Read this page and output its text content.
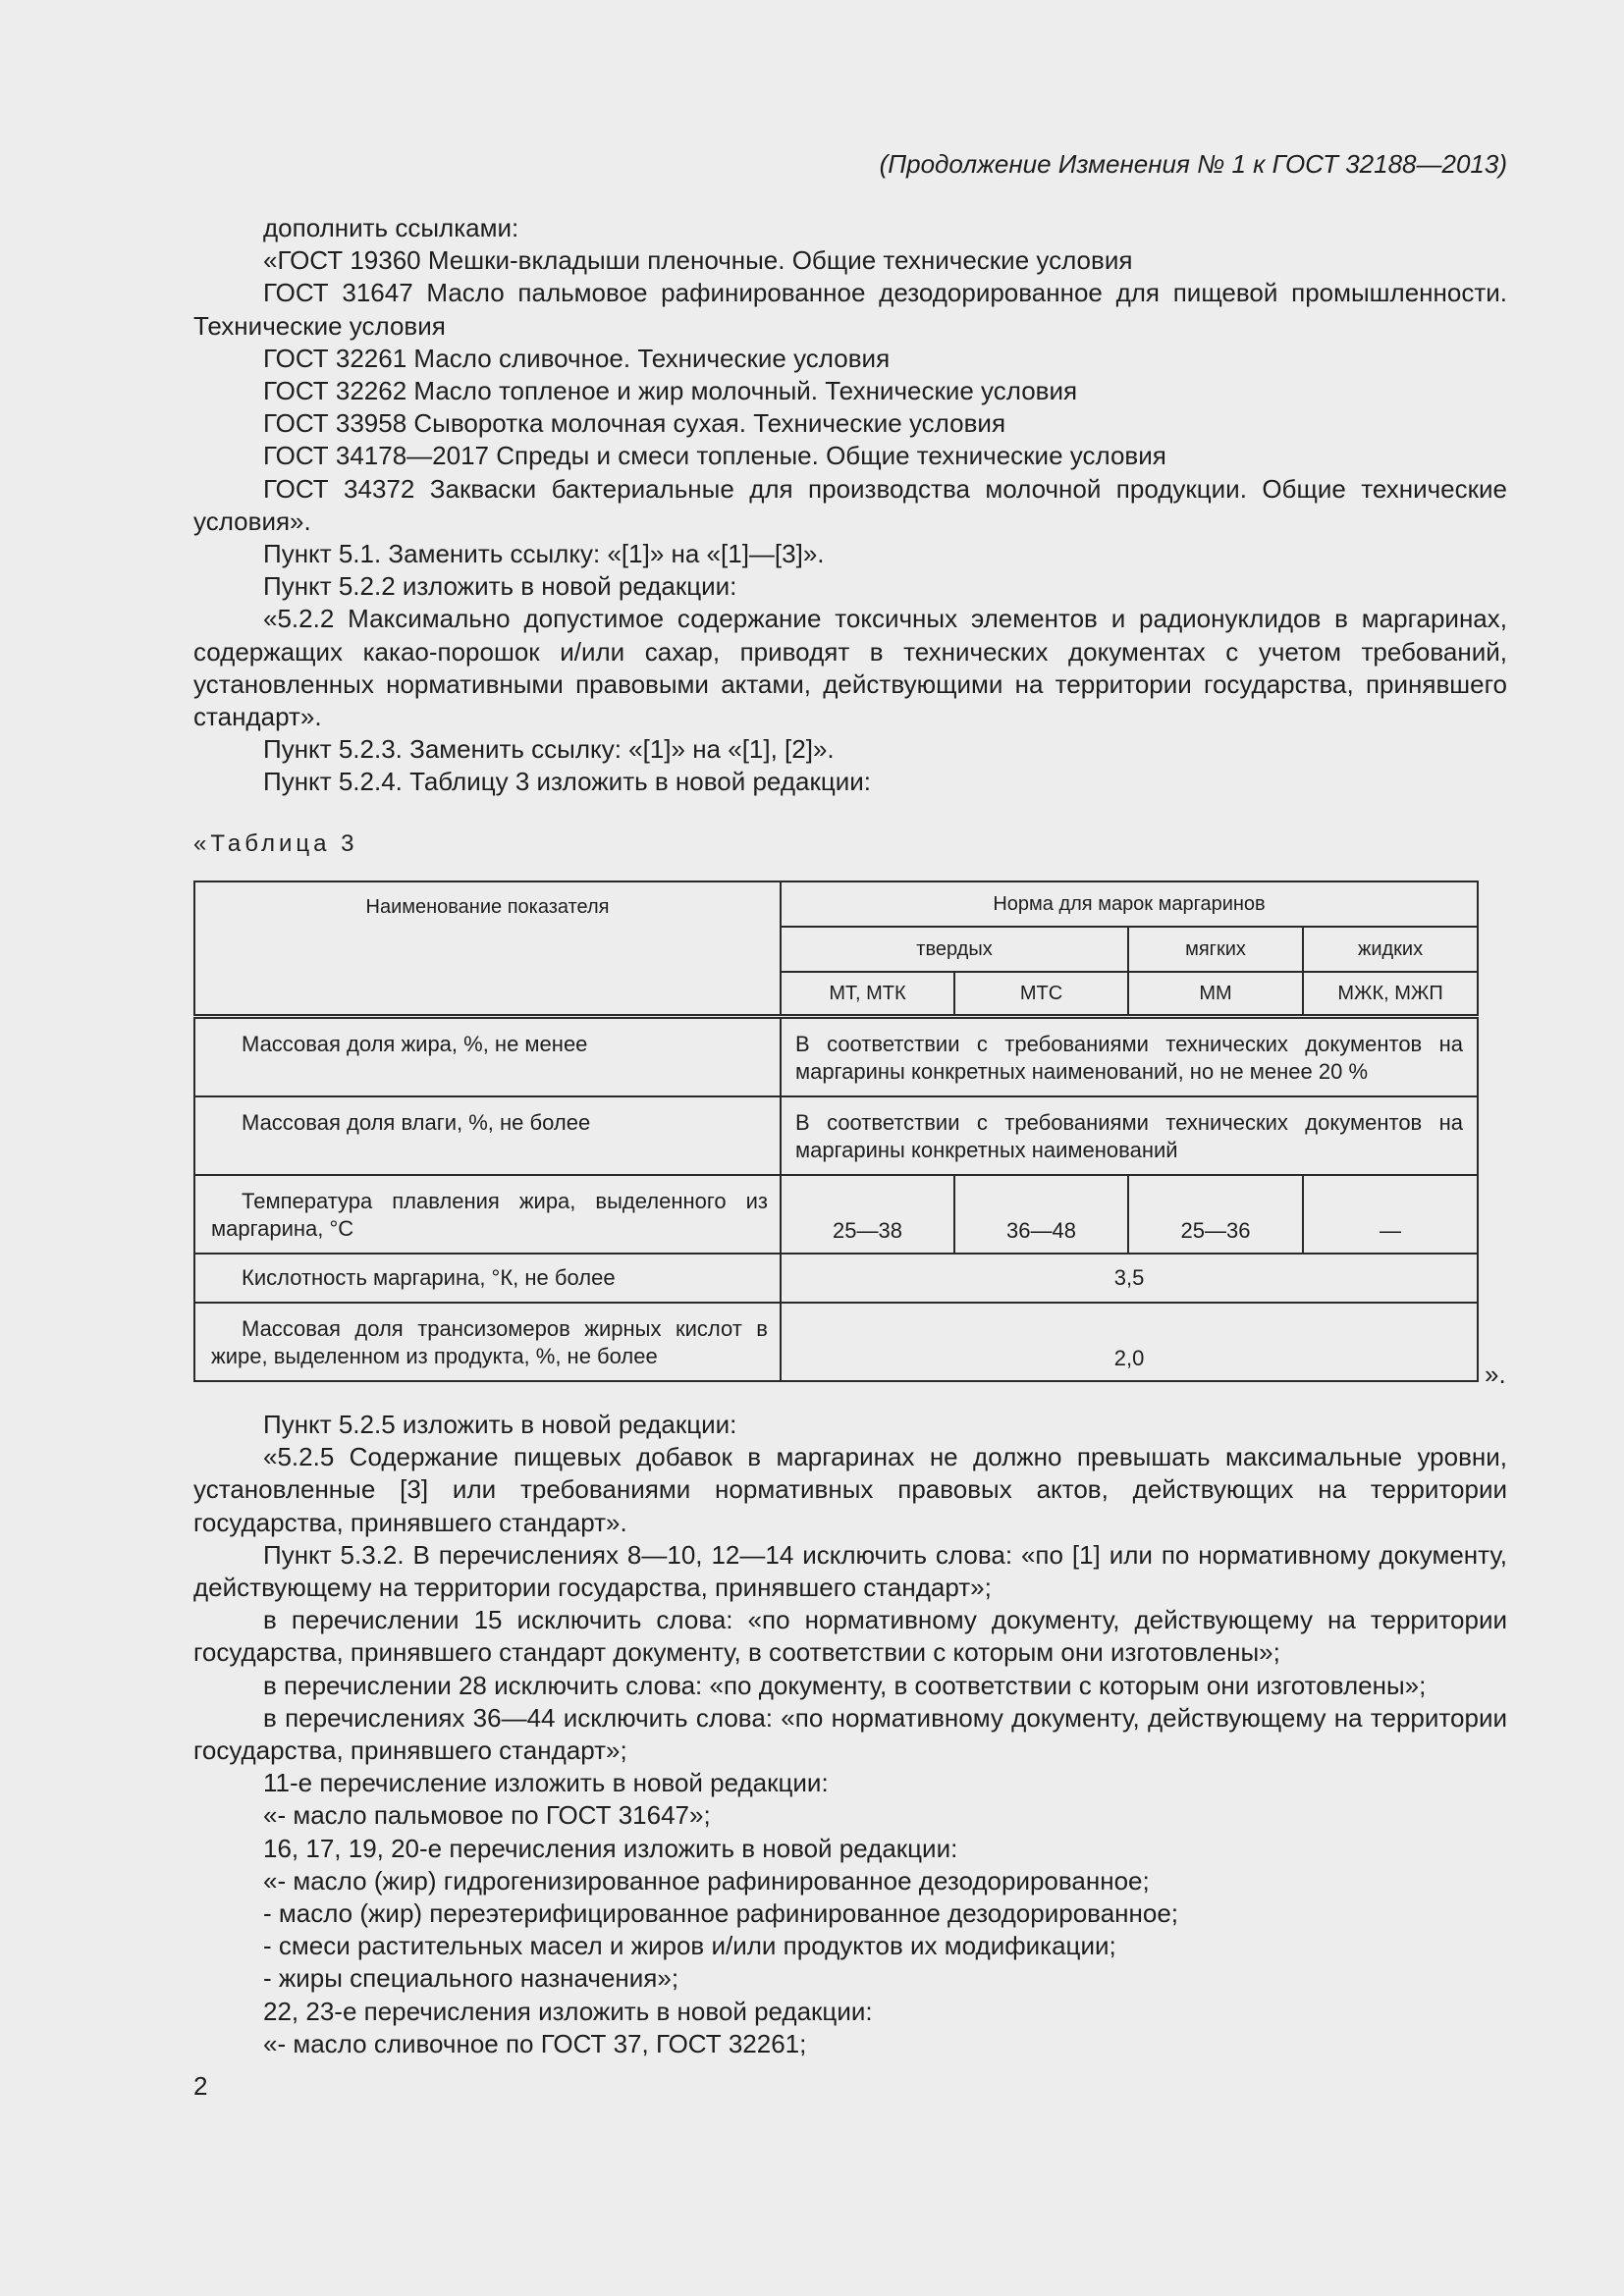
(Продолжение Изменения № 1 к ГОСТ 32188—2013)

дополнить ссылками:

«ГОСТ 19360 Мешки-вкладыши пленочные. Общие технические условия

ГОСТ 31647 Масло пальмовое рафинированное дезодорированное для пищевой промышленности. Технические условия

ГОСТ 32261 Масло сливочное. Технические условия

ГОСТ 32262 Масло топленое и жир молочный. Технические условия

ГОСТ 33958 Сыворотка молочная сухая. Технические условия

ГОСТ 34178—2017 Спреды и смеси топленые. Общие технические условия

ГОСТ 34372 Закваски бактериальные для производства молочной продукции. Общие технические условия».

Пункт 5.1. Заменить ссылку: «[1]» на «[1]—[3]».

Пункт 5.2.2 изложить в новой редакции:

«5.2.2 Максимально допустимое содержание токсичных элементов и радионуклидов в маргаринах, содержащих какао-порошок и/или сахар, приводят в технических документах с учетом требований, установленных нормативными правовыми актами, действующими на территории государства, принявшего стандарт».

Пункт 5.2.3. Заменить ссылку: «[1]» на «[1], [2]».

Пункт 5.2.4. Таблицу 3 изложить в новой редакции:

«Таблица 3
Наименование показателя	Норма для марок маргаринов			
	твердых		мягких	жидких
	МТ, МТК	МТС	ММ	МЖК, МЖП
Массовая доля жира, %, не менее	В соответствии с требованиями технических документов на маргарины конкретных наименований, но не менее 20 %			
Массовая доля влаги, %, не более	В соответствии с требованиями технических документов на маргарины конкретных наименований			
Температура плавления жира, выделенного из маргарина, °С	25—38	36—48	25—36	—
Кислотность маргарина, °К, не более	3,5			
Массовая доля трансизомеров жирных кислот в жире, выделенном из продукта, %, не более	2,0			
».

Пункт 5.2.5 изложить в новой редакции:

«5.2.5 Содержание пищевых добавок в маргаринах не должно превышать максимальные уровни, установленные [3] или требованиями нормативных правовых актов, действующих на территории государства, принявшего стандарт».

Пункт 5.3.2. В перечислениях 8—10, 12—14 исключить слова: «по [1] или по нормативному документу, действующему на территории государства, принявшего стандарт»;

в перечислении 15 исключить слова: «по нормативному документу, действующему на территории государства, принявшего стандарт документу, в соответствии с которым они изготовлены»;

в перечислении 28 исключить слова: «по документу, в соответствии с которым они изготовлены»;

в перечислениях 36—44 исключить слова: «по нормативному документу, действующему на территории государства, принявшего стандарт»;

11-е перечисление изложить в новой редакции:

«- масло пальмовое по ГОСТ 31647»;

16, 17, 19, 20-е перечисления изложить в новой редакции:

«- масло (жир) гидрогенизированное рафинированное дезодорированное;

- масло (жир) переэтерифицированное рафинированное дезодорированное;

- смеси растительных масел и жиров и/или продуктов их модификации;

- жиры специального назначения»;

22, 23-е перечисления изложить в новой редакции:

«- масло сливочное по ГОСТ 37, ГОСТ 32261;

2
